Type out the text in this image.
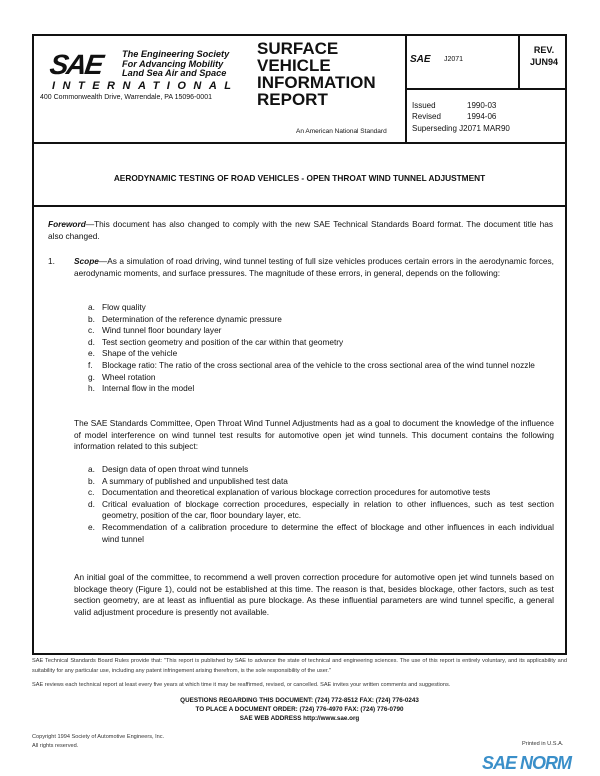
SAE The Engineering Society
For Advancing Mobility
Land Sea Air and Space
INTERNATIONAL
400 Commonwealth Drive, Warrendale, PA 15096-0001
SURFACE
VEHICLE
INFORMATION
REPORT
An American National Standard
SAE J2071
REV.
JUN94
Issued	1990-03
Revised	1994-06
Superseding J2071 MAR90
AERODYNAMIC TESTING OF ROAD VEHICLES - OPEN THROAT WIND TUNNEL ADJUSTMENT
Foreword—This document has also changed to comply with the new SAE Technical Standards Board format. The document title has also changed.
1. Scope—As a simulation of road driving, wind tunnel testing of full size vehicles produces certain errors in the aerodynamic forces, aerodynamic moments, and surface pressures. The magnitude of these errors, in general, depends on the following:
a. Flow quality
b. Determination of the reference dynamic pressure
c. Wind tunnel floor boundary layer
d. Test section geometry and position of the car within that geometry
e. Shape of the vehicle
f.	Blockage ratio: The ratio of the cross sectional area of the vehicle to the cross sectional area of the wind tunnel nozzle
g. Wheel rotation
h. Internal flow in the model
The SAE Standards Committee, Open Throat Wind Tunnel Adjustments had as a goal to document the knowledge of the influence of model interference on wind tunnel test results for automotive open jet wind tunnels. This document contains the following information related to this subject:
a. Design data of open throat wind tunnels
b. A summary of published and unpublished test data
c. Documentation and theoretical explanation of various blockage correction procedures for automotive tests
d. Critical evaluation of blockage correction procedures, especially in relation to other influences, such as test section geometry, position of the car, floor boundary layer, etc.
e. Recommendation of a calibration procedure to determine the effect of blockage and other influences in each individual wind tunnel
An initial goal of the committee, to recommend a well proven correction procedure for automotive open jet wind tunnels based on blockage theory (Figure 1), could not be established at this time. The reason is that, besides blockage, other factors, such as test section geometry, are at least as influential as pure blockage. As these influential parameters are wind tunnel specific, a general valid adjustment procedure is presently not available.
SAE Technical Standards Board Rules provide that: "This report is published by SAE to advance the state of technical and engineering sciences. The use of this report is entirely voluntary, and its applicability and suitability for any particular use, including any patent infringement arising therefrom, is the sole responsibility of the user."
SAE reviews each technical report at least every five years at which time it may be reaffirmed, revised, or cancelled. SAE invites your written comments and suggestions.
QUESTIONS REGARDING THIS DOCUMENT: (724) 772-8512 FAX: (724) 776-0243
TO PLACE A DOCUMENT ORDER: (724) 776-4970 FAX: (724) 776-0790
SAE WEB ADDRESS http://www.sae.org
Copyright 1994 Society of Automotive Engineers, Inc.
All rights reserved.	Printed in U.S.A.
SAE NORM
